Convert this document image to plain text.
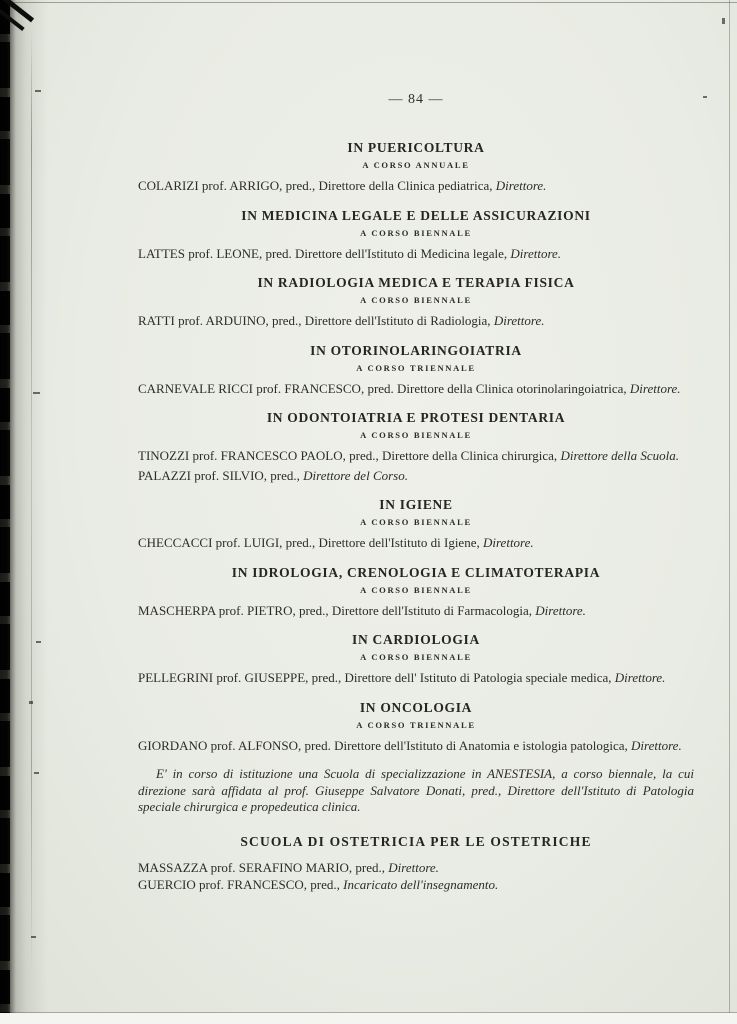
— 84 —
IN PUERICOLTURA
A CORSO ANNUALE

COLARIZI prof. ARRIGO, pred., Direttore della Clinica pediatrica, Direttore.

IN MEDICINA LEGALE E DELLE ASSICURAZIONI
A CORSO BIENNALE

LATTES prof. LEONE, pred. Direttore dell'Istituto di Medicina legale, Direttore.

IN RADIOLOGIA MEDICA E TERAPIA FISICA
A CORSO BIENNALE

RATTI prof. ARDUINO, pred., Direttore dell'Istituto di Radiologia, Direttore.

IN OTORINOLARINGOIATRIA
A CORSO TRIENNALE

CARNEVALE RICCI prof. FRANCESCO, pred. Direttore della Clinica otorinolaringoiatrica, Direttore.

IN ODONTOIATRIA E PROTESI DENTARIA
A CORSO BIENNALE

TINOZZI prof. FRANCESCO PAOLO, pred., Direttore della Clinica chirurgica, Direttore della Scuola.

PALAZZI prof. SILVIO, pred., Direttore del Corso.

IN IGIENE
A CORSO BIENNALE

CHECCACCI prof. LUIGI, pred., Direttore dell'Istituto di Igiene, Direttore.

IN IDROLOGIA, CRENOLOGIA E CLIMATOTERAPIA
A CORSO BIENNALE

MASCHERPA prof. PIETRO, pred., Direttore dell'Istituto di Farmacologia, Direttore.

IN CARDIOLOGIA
A CORSO BIENNALE

PELLEGRINI prof. GIUSEPPE, pred., Direttore dell' Istituto di Patologia speciale medica, Direttore.

IN ONCOLOGIA
A CORSO TRIENNALE

GIORDANO prof. ALFONSO, pred. Direttore dell'Istituto di Anatomia e istologia patologica, Direttore.

E' in corso di istituzione una Scuola di specializzazione in ANESTESIA, a corso biennale, la cui direzione sarà affidata al prof. Giuseppe Salvatore Donati, pred., Direttore dell'Istituto di Patologia speciale chirurgica e propedeutica clinica.

SCUOLA DI OSTETRICIA PER LE OSTETRICHE

MASSAZZA prof. SERAFINO MARIO, pred., Direttore.

GUERCIO prof. FRANCESCO, pred., Incaricato dell'insegnamento.
